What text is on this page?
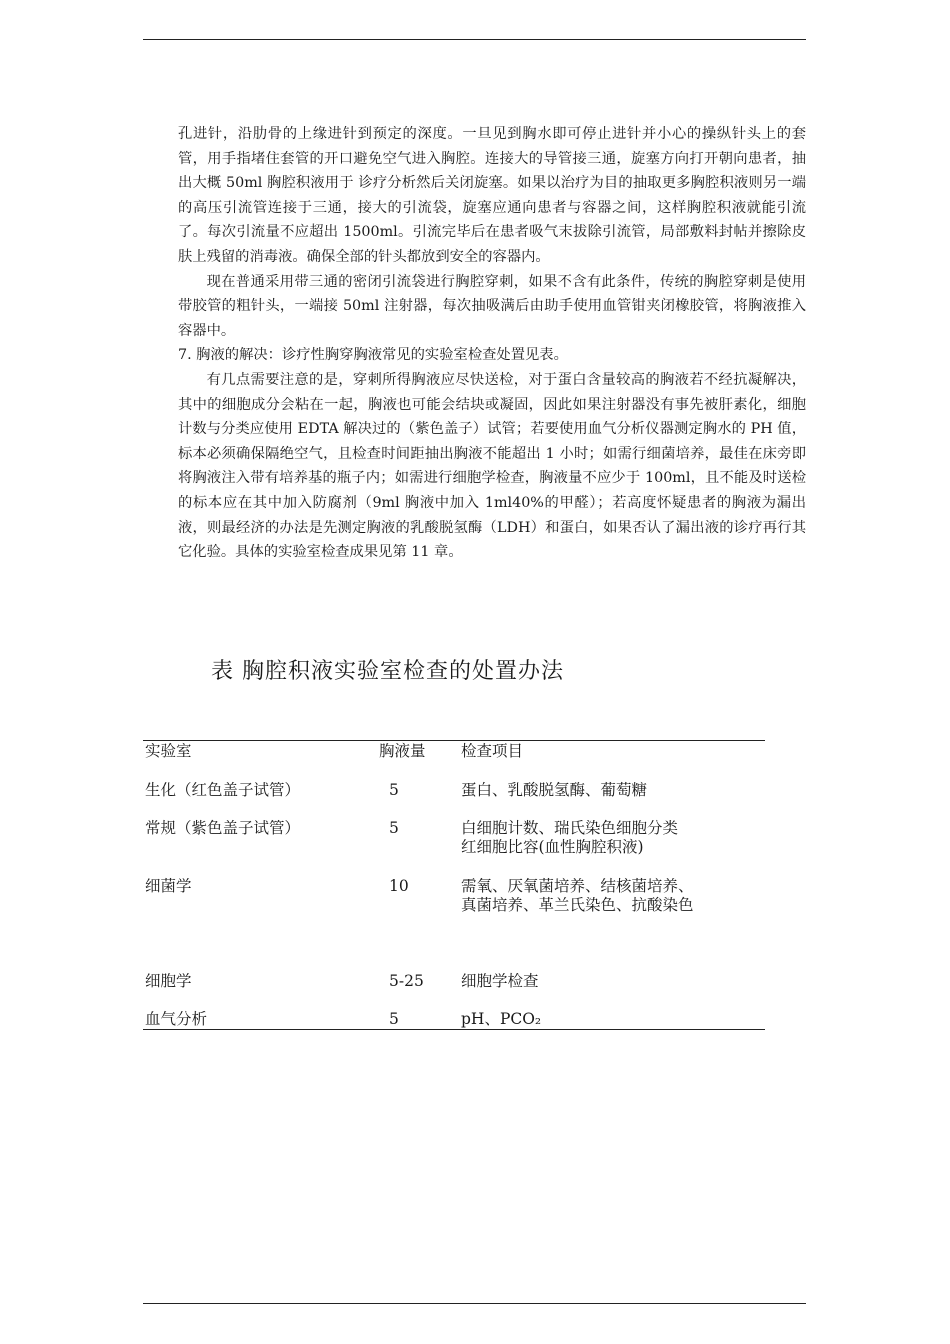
孔进针，沿肋骨的上缘进针到预定的深度。一旦见到胸水即可停止进针并小心的操纵针头上的套管，用手指堵住套管的开口避免空气进入胸腔。连接大的导管接三通，旋塞方向打开朝向患者，抽出大概 50ml 胸腔积液用于 诊疗分析然后关闭旋塞。如果以治疗为目的抽取更多胸腔积液则另一端的高压引流管连接于三通，接大的引流袋，旋塞应通向患者与容器之间，这样胸腔积液就能引流了。每次引流量不应超出 1500ml。引流完毕后在患者吸气末拔除引流管，局部敷料封帖并擦除皮肤上残留的消毒液。确保全部的针头都放到安全的容器内。

现在普通采用带三通的密闭引流袋进行胸腔穿刺，如果不含有此条件，传统的胸腔穿刺是使用带胶管的粗针头，一端接 50ml 注射器，每次抽吸满后由助手使用血管钳夹闭橡胶管，将胸液推入容器中。

7. 胸液的解决：诊疗性胸穿胸液常见的实验室检查处置见表。

有几点需要注意的是，穿刺所得胸液应尽快送检，对于蛋白含量较高的胸液若不经抗凝解决，其中的细胞成分会粘在一起，胸液也可能会结块或凝固，因此如果注射器没有事先被肝素化，细胞计数与分类应使用 EDTA 解决过的（紫色盖子）试管；若要使用血气分析仪器测定胸水的 PH 值，标本必须确保隔绝空气，且检查时间距抽出胸液不能超出 1 小时；如需行细菌培养，最佳在床旁即将胸液注入带有培养基的瓶子内；如需进行细胞学检查，胸液量不应少于 100ml，且不能及时送检的标本应在其中加入防腐剂（9ml 胸液中加入 1ml40%的甲醛）；若高度怀疑患者的胸液为漏出液，则最经济的办法是先测定胸液的乳酸脱氢酶（LDH）和蛋白，如果否认了漏出液的诊疗再行其它化验。具体的实验室检查成果见第 11 章。

表 胸腔积液实验室检查的处置办法
实验室	胸液量 检查项目
生化（红色盖子试管）	5	蛋白、乳酸脱氢酶、葡萄糖
常规（紫色盖子试管）	5	白细胞计数、瑞氏染色细胞分类
红细胞比容(血性胸腔积液)
细菌学	10	需氧、厌氧菌培养、结核菌培养、
真菌培养、革兰氏染色、抗酸染色
细胞学	5-25 细胞学检查
血气分析	5	pH、PCO₂
